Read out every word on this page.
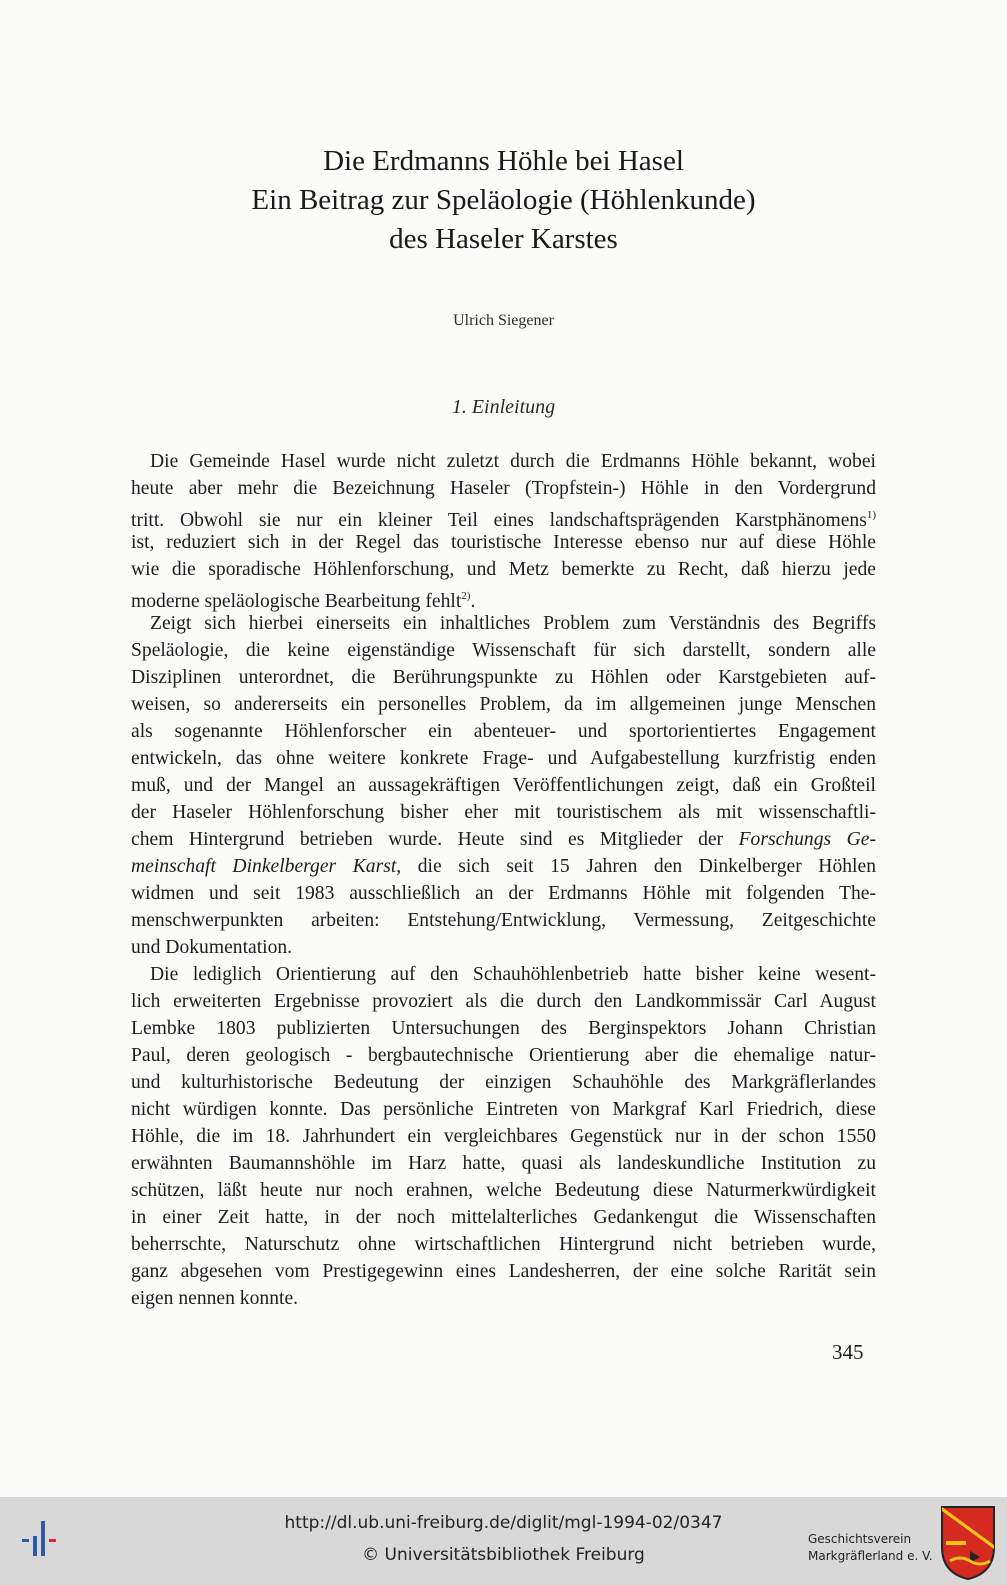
Die Erdmanns Höhle bei Hasel
Ein Beitrag zur Speläologie (Höhlenkunde)
des Haseler Karstes
Ulrich Siegener
1. Einleitung
Die Gemeinde Hasel wurde nicht zuletzt durch die Erdmanns Höhle bekannt, wobei
heute aber mehr die Bezeichnung Haseler (Tropfstein-) Höhle in den Vordergrund
tritt. Obwohl sie nur ein kleiner Teil eines landschaftsprägenden Karstphänomens$^{1)}$
ist, reduziert sich in der Regel das touristische Interesse ebenso nur auf diese Höhle
wie die sporadische Höhlenforschung, und Metz bemerkte zu Recht, daß hierzu jede
moderne speläologische Bearbeitung fehlt$^{2)}$.
Zeigt sich hierbei einerseits ein inhaltliches Problem zum Verständnis des Begriffs
Speläologie, die keine eigenständige Wissenschaft für sich darstellt, sondern alle
Disziplinen unterordnet, die Berührungspunkte zu Höhlen oder Karstgebieten auf-
weisen, so andererseits ein personelles Problem, da im allgemeinen junge Menschen
als sogenannte Höhlenforscher ein abenteuer- und sportorientiertes Engagement
entwickeln, das ohne weitere konkrete Frage- und Aufgabestellung kurzfristig enden
muß, und der Mangel an aussagekräftigen Veröffentlichungen zeigt, daß ein Großteil
der Haseler Höhlenforschung bisher eher mit touristischem als mit wissenschaftli-
chem Hintergrund betrieben wurde. Heute sind es Mitglieder der Forschungs Ge-
meinschaft Dinkelberger Karst, die sich seit 15 Jahren den Dinkelberger Höhlen
widmen und seit 1983 ausschließlich an der Erdmanns Höhle mit folgenden The-
menschwerpunkten arbeiten: Entstehung/Entwicklung, Vermessung, Zeitgeschichte
und Dokumentation.
Die lediglich Orientierung auf den Schauhöhlenbetrieb hatte bisher keine wesent-
lich erweiterten Ergebnisse provoziert als die durch den Landkommissär Carl August
Lembke 1803 publizierten Untersuchungen des Berginspektors Johann Christian
Paul, deren geologisch - bergbautechnische Orientierung aber die ehemalige natur-
und kulturhistorische Bedeutung der einzigen Schauhöhle des Markgräflerlandes
nicht würdigen konnte. Das persönliche Eintreten von Markgraf Karl Friedrich, diese
Höhle, die im 18. Jahrhundert ein vergleichbares Gegenstück nur in der schon 1550
erwähnten Baumannshöhle im Harz hatte, quasi als landeskundliche Institution zu
schützen, läßt heute nur noch erahnen, welche Bedeutung diese Naturmerkwürdigkeit
in einer Zeit hatte, in der noch mittelalterliches Gedankengut die Wissenschaften
beherrschte, Naturschutz ohne wirtschaftlichen Hintergrund nicht betrieben wurde,
ganz abgesehen vom Prestigegewinn eines Landesherren, der eine solche Rarität sein
eigen nennen konnte.
345
http://dl.ub.uni-freiburg.de/diglit/mgl-1994-02/0347
© Universitätsbibliothek Freiburg
Geschichtsverein
Markgräflerland e. V.
